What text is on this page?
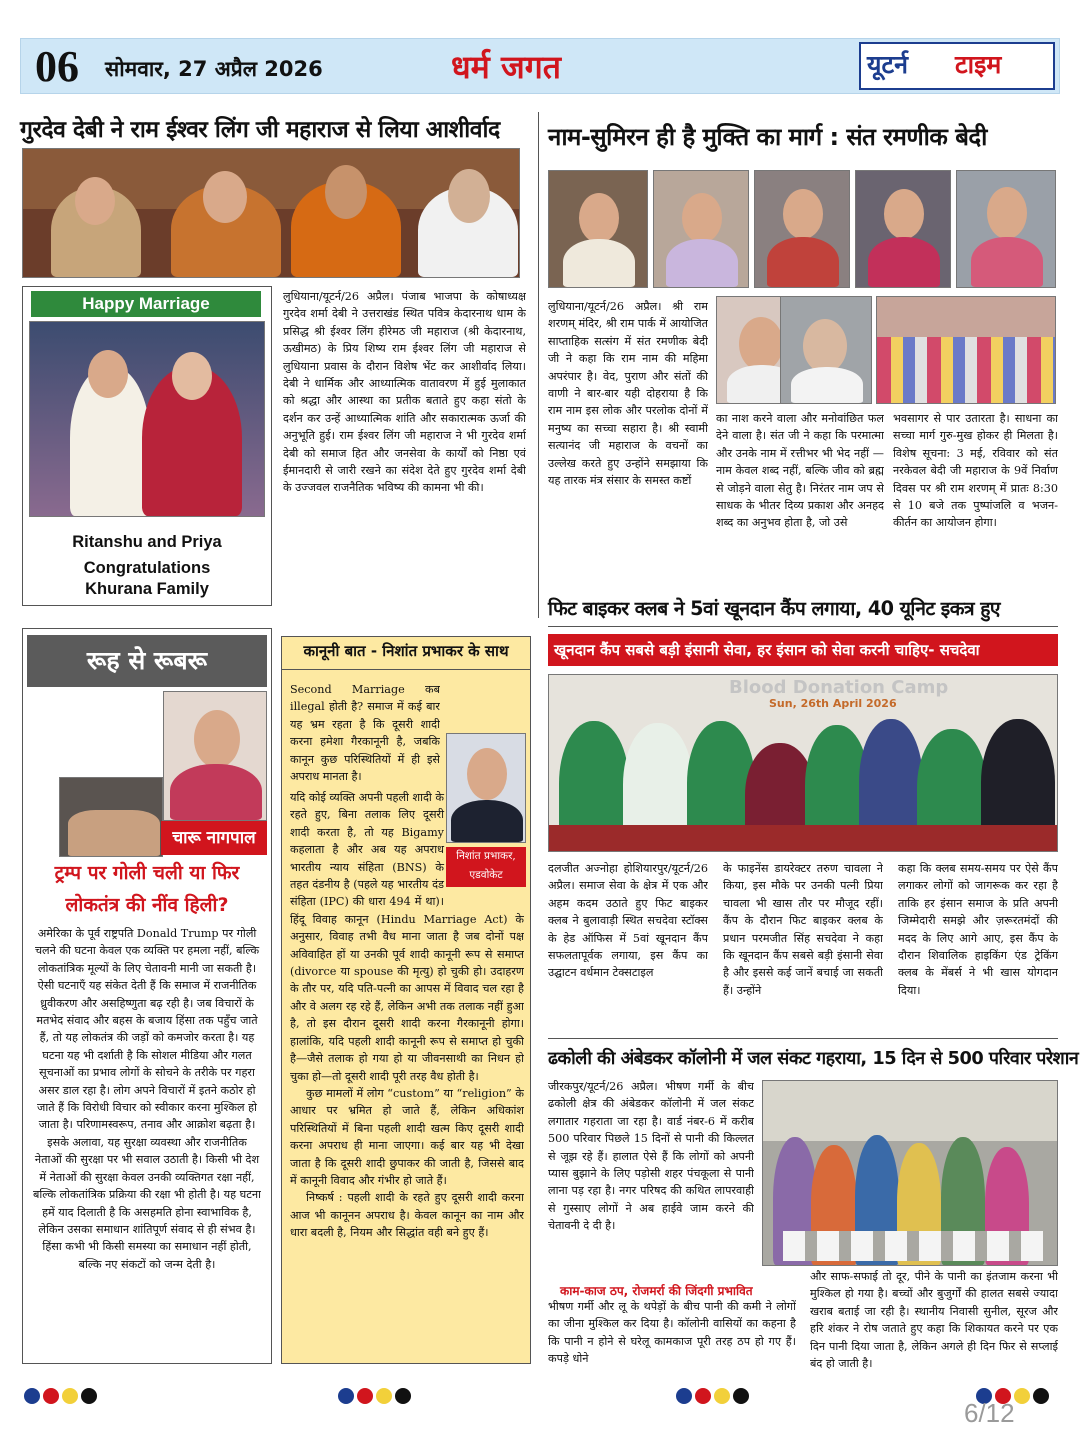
06 सोमवार, 27 अप्रैल 2026	धर्म जगत	यूटर्न टाइम
गुरदेव देबी ने राम ईश्वर लिंग जी महाराज से लिया आशीर्वाद
Happy Marriage
Ritanshu and Priya
Congratulations
Khurana Family
लुधियाना/यूटर्न/26 अप्रैल। पंजाब भाजपा के कोषाध्यक्ष गुरदेव शर्मा देबी ने उत्तराखंड स्थित पवित्र केदारनाथ धाम के प्रसिद्ध श्री ईश्वर लिंग हीरेमठ जी महाराज (श्री केदारनाथ, ऊखीमठ) के प्रिय शिष्य राम ईश्वर लिंग जी महाराज से लुधियाना प्रवास के दौरान विशेष भेंट कर आशीर्वाद लिया। देबी ने धार्मिक और आध्यात्मिक वातावरण में हुई मुलाकात को श्रद्धा और आस्था का प्रतीक बताते हुए कहा संतो के दर्शन कर उन्हें आध्यात्मिक शांति और सकारात्मक ऊर्जा की अनुभूति हुई। राम ईश्वर लिंग जी महाराज ने भी गुरदेव शर्मा देबी को समाज हित और जनसेवा के कार्यों को निष्ठा एवं ईमानदारी से जारी रखने का संदेश देते हुए गुरदेव शर्मा देबी के उज्जवल राजनैतिक भविष्य की कामना भी की।
नाम-सुमिरन ही है मुक्ति का मार्ग : संत रमणीक बेदी
लुधियाना/यूटर्न/26 अप्रैल। श्री राम शरणम् मंदिर, श्री राम पार्क में आयोजित साप्ताहिक सत्संग में संत रमणीक बेदी जी ने कहा कि राम नाम की महिमा अपरंपार है। वेद, पुराण और संतों की वाणी ने बार-बार यही दोहराया है कि राम नाम इस लोक और परलोक दोनों में मनुष्य का सच्चा सहारा है। श्री स्वामी सत्यानंद जी महाराज के वचनों का उल्लेख करते हुए उन्होंने समझाया कि यह तारक मंत्र संसार के समस्त कष्टों
का नाश करने वाला और मनोवांछित फल देने वाला है। संत जी ने कहा कि परमात्मा और उनके नाम में रत्तीभर भी भेद नहीं — नाम केवल शब्द नहीं, बल्कि जीव को ब्रह्म से जोड़ने वाला सेतु है। निरंतर नाम जप से साधक के भीतर दिव्य प्रकाश और अनहद शब्द का अनुभव होता है, जो उसे
भवसागर से पार उतारता है। साधना का सच्चा मार्ग गुरु-मुख होकर ही मिलता है। विशेष सूचना: 3 मई, रविवार को संत नरकेवल बेदी जी महाराज के 9वें निर्वाण दिवस पर श्री राम शरणम् में प्रातः 8:30 से 10 बजे तक पुष्पांजलि व भजन-कीर्तन का आयोजन होगा।
फिट बाइकर क्लब ने 5वां खूनदान कैंप लगाया, 40 यूनिट इकत्र हुए
खूनदान कैंप सबसे बड़ी इंसानी सेवा, हर इंसान को सेवा करनी चाहिए- सचदेवा
Blood Donation Camp
Sun, 26th April 2026
दलजीत अज्नोहा होशियारपुर/यूटर्न/26 अप्रैल। समाज सेवा के क्षेत्र में एक और अहम कदम उठाते हुए फिट बाइकर क्लब ने बुलावाड़ी स्थित सचदेवा स्टॉक्स के हेड ऑफिस में 5वां खूनदान कैंप सफलतापूर्वक लगाया, इस कैंप का उद्घाटन वर्धमान टेक्सटाइल
के फाइनेंस डायरेक्टर तरुण चावला ने किया, इस मौके पर उनकी पत्नी प्रिया चावला भी खास तौर पर मौजूद रहीं। कैंप के दौरान फिट बाइकर क्लब के प्रधान परमजीत सिंह सचदेवा ने कहा कि खूनदान कैंप सबसे बड़ी इंसानी सेवा है और इससे कई जानें बचाई जा सकती हैं। उन्होंने
कहा कि क्लब समय-समय पर ऐसे कैंप लगाकर लोगों को जागरूक कर रहा है ताकि हर इंसान समाज के प्रति अपनी जिम्मेदारी समझे और ज़रूरतमंदों की मदद के लिए आगे आए, इस कैंप के दौरान शिवालिक हाइकिंग एंड ट्रेकिंग क्लब के मेंबर्स ने भी खास योगदान दिया।
ढकोली की अंबेडकर कॉलोनी में जल संकट गहराया, 15 दिन से 500 परिवार परेशान
जीरकपुर/यूटर्न/26 अप्रैल। भीषण गर्मी के बीच ढकोली क्षेत्र की अंबेडकर कॉलोनी में जल संकट लगातार गहराता जा रहा है। वार्ड नंबर-6 में करीब 500 परिवार पिछले 15 दिनों से पानी की किल्लत से जूझ रहे हैं। हालात ऐसे हैं कि लोगों को अपनी प्यास बुझाने के लिए पड़ोसी शहर पंचकूला से पानी लाना पड़ रहा है। नगर परिषद की कथित लापरवाही से गुस्साए लोगों ने अब हाईवे जाम करने की चेतावनी दे दी है।
काम-काज ठप, रोजमर्रा की जिंदगी प्रभावित
भीषण गर्मी और लू के थपेड़ों के बीच पानी की कमी ने लोगों का जीना मुश्किल कर दिया है। कॉलोनी वासियों का कहना है कि पानी न होने से घरेलू कामकाज पूरी तरह ठप हो गए हैं। कपड़े धोने
और साफ-सफाई तो दूर, पीने के पानी का इंतजाम करना भी मुश्किल हो गया है। बच्चों और बुजुर्गों की हालत सबसे ज्यादा खराब बताई जा रही है। स्थानीय निवासी सुनील, सूरज और हरि शंकर ने रोष जताते हुए कहा कि शिकायत करने पर एक दिन पानी दिया जाता है, लेकिन अगले ही दिन फिर से सप्लाई बंद हो जाती है।
रूह से रूबरू
चारू नागपाल
ट्रम्प पर गोली चली या फिर
लोकतंत्र की नींव हिली?
अमेरिका के पूर्व राष्ट्रपति Donald Trump पर गोली चलने की घटना केवल एक व्यक्ति पर हमला नहीं, बल्कि लोकतांत्रिक मूल्यों के लिए चेतावनी मानी जा सकती है। ऐसी घटनाएँ यह संकेत देती हैं कि समाज में राजनीतिक ध्रुवीकरण और असहिष्णुता बढ़ रही है। जब विचारों के मतभेद संवाद और बहस के बजाय हिंसा तक पहुँच जाते हैं, तो यह लोकतंत्र की जड़ों को कमजोर करता है। यह घटना यह भी दर्शाती है कि सोशल मीडिया और गलत सूचनाओं का प्रभाव लोगों के सोचने के तरीके पर गहरा असर डाल रहा है। लोग अपने विचारों में इतने कठोर हो जाते हैं कि विरोधी विचार को स्वीकार करना मुश्किल हो जाता है। परिणामस्वरूप, तनाव और आक्रोश बढ़ता है। इसके अलावा, यह सुरक्षा व्यवस्था और राजनीतिक नेताओं की सुरक्षा पर भी सवाल उठाती है। किसी भी देश में नेताओं की सुरक्षा केवल उनकी व्यक्तिगत रक्षा नहीं, बल्कि लोकतांत्रिक प्रक्रिया की रक्षा भी होती है। यह घटना हमें याद दिलाती है कि असहमति होना स्वाभाविक है, लेकिन उसका समाधान शांतिपूर्ण संवाद से ही संभव है। हिंसा कभी भी किसी समस्या का समाधान नहीं होती, बल्कि नए संकटों को जन्म देती है।
कानूनी बात - निशांत प्रभाकर के साथ
Second Marriage कब illegal होती है? समाज में कई बार यह भ्रम रहता है कि दूसरी शादी करना हमेशा गैरकानूनी है, जबकि कानून कुछ परिस्थितियों में ही इसे अपराध मानता है।
निशांत प्रभाकर,
एडवोकेट

यदि कोई व्यक्ति अपनी पहली शादी के रहते हुए, बिना तलाक लिए दूसरी शादी करता है, तो यह Bigamy कहलाता है और अब यह अपराध भारतीय न्याय संहिता (BNS) के तहत दंडनीय है (पहले यह भारतीय दंड संहिता (IPC) की धारा 494 में था)। हिंदू विवाह कानून (Hindu Marriage Act) के अनुसार, विवाह तभी वैध माना जाता है जब दोनों पक्ष अविवाहित हों या उनकी पूर्व शादी कानूनी रूप से समाप्त (divorce या spouse की मृत्यु) हो चुकी हो। उदाहरण के तौर पर, यदि पति-पत्नी का आपस में विवाद चल रहा है और वे अलग रह रहे हैं, लेकिन अभी तक तलाक नहीं हुआ है, तो इस दौरान दूसरी शादी करना गैरकानूनी होगा। हालांकि, यदि पहली शादी कानूनी रूप से समाप्त हो चुकी है—जैसे तलाक हो गया हो या जीवनसाथी का निधन हो चुका हो—तो दूसरी शादी पूरी तरह वैध होती है।

कुछ मामलों में लोग “custom” या “religion” के आधार पर भ्रमित हो जाते हैं, लेकिन अधिकांश परिस्थितियों में बिना पहली शादी खत्म किए दूसरी शादी करना अपराध ही माना जाएगा। कई बार यह भी देखा जाता है कि दूसरी शादी छुपाकर की जाती है, जिससे बाद में कानूनी विवाद और गंभीर हो जाते हैं।

निष्कर्ष : पहली शादी के रहते हुए दूसरी शादी करना आज भी कानूनन अपराध है। केवल कानून का नाम और धारा बदली है, नियम और सिद्धांत वही बने हुए हैं।

6/12
